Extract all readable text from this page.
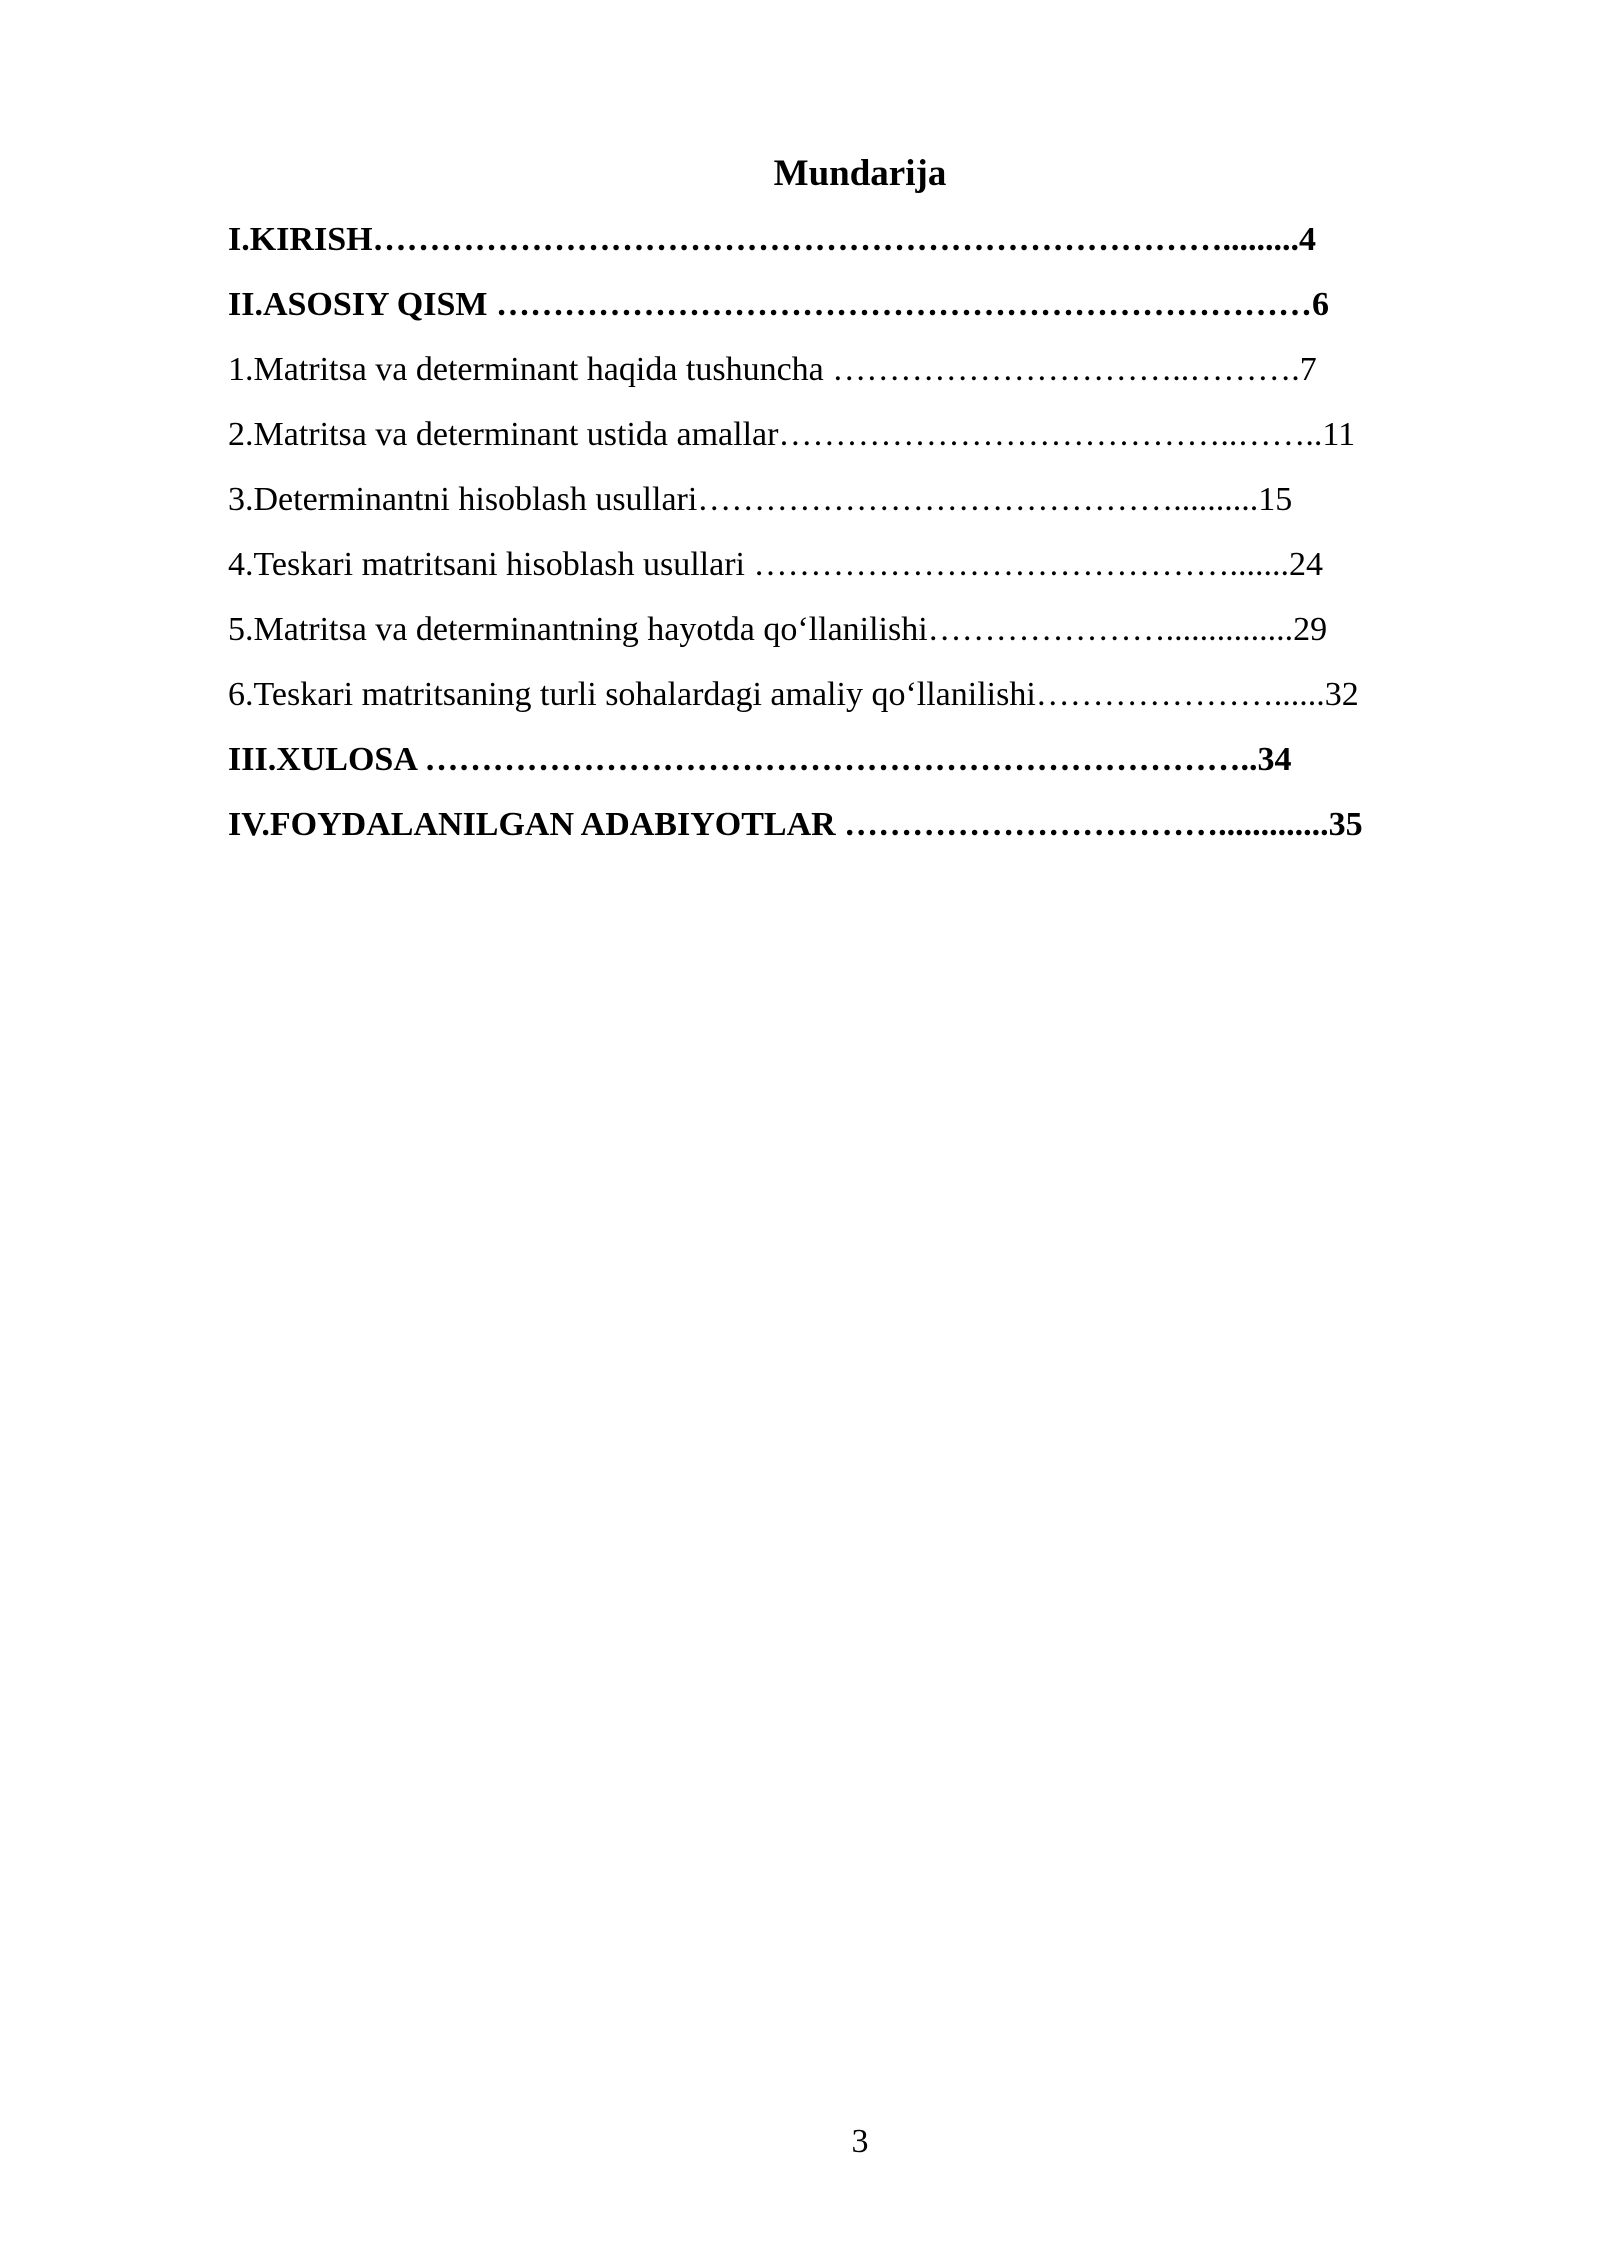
Mundarija
I.KIRISH………………………………………………………………….........4
II.ASOSIY QISM ………………………………………………………………6
1.Matritsa va determinant haqida tushuncha …………………………..……….7
2.Matritsa va determinant ustida amallar…………………………………..……..11
3.Determinantni hisoblash usullari……………………………………..........15
4.Teskari matritsani hisoblash usullari …………………………………….......24
5.Matritsa va determinantning hayotda qo‘llanilishi…………………...............29
6.Teskari matritsaning turli sohalardagi amaliy qo‘llanilishi…………………......32
III.XULOSA ………………………………………………………………..34
IV.FOYDALANILGAN ADABIYOTLAR …………………………….............35
3
